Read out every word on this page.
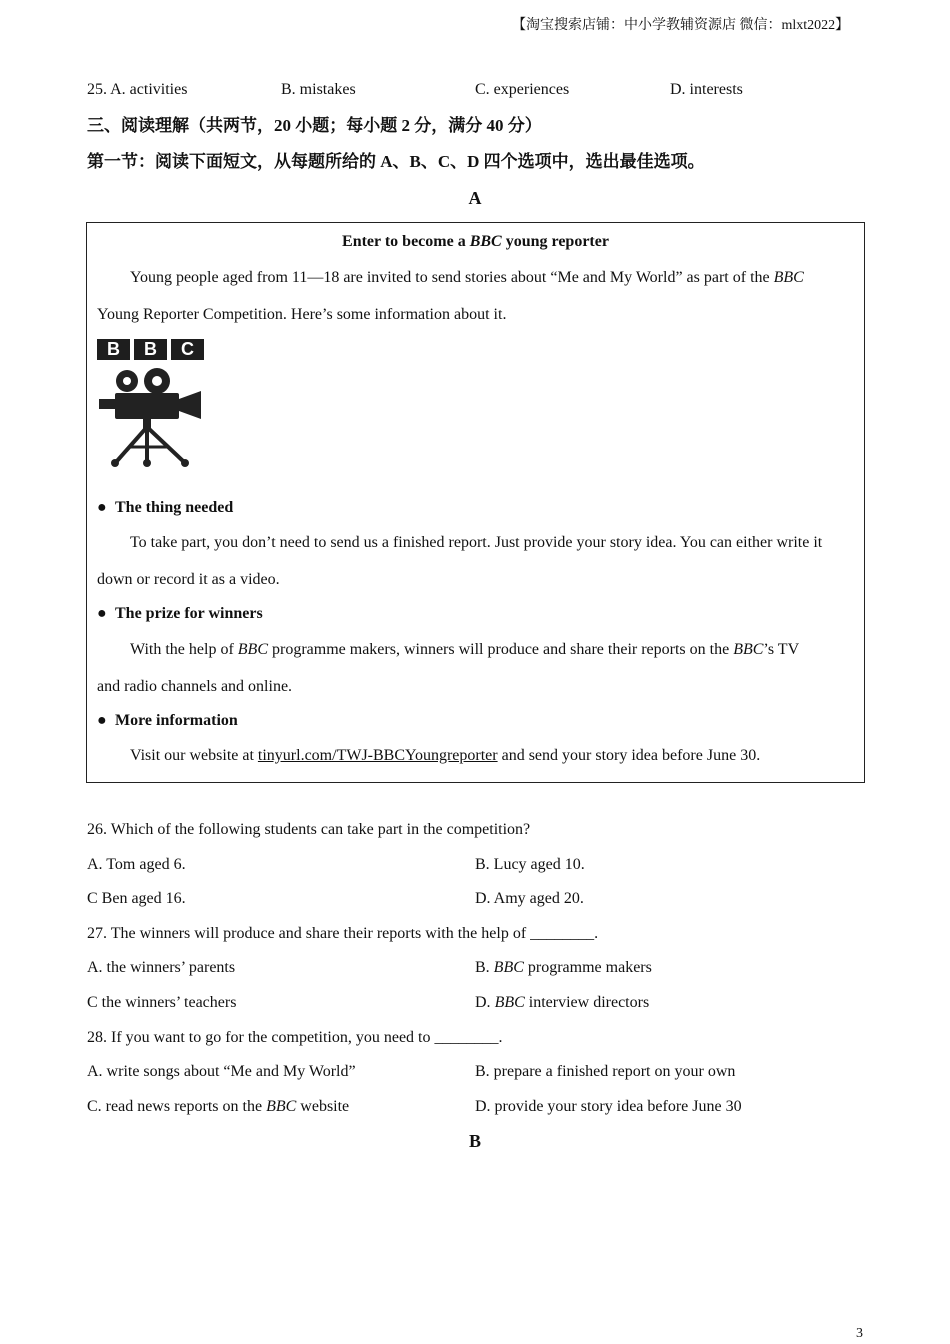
【淘宝搜索店铺：中小学教辅资源店 微信：mlxt2022】
25. A. activities	B. mistakes	C. experiences	D. interests
三、阅读理解（共两节，20 小题；每小题 2 分，满分 40 分）
第一节：阅读下面短文，从每题所给的 A、B、C、D 四个选项中，选出最佳选项。
A
Enter to become a BBC young reporter
Young people aged from 11—18 are invited to send stories about “Me and My World” as part of the BBC
Young Reporter Competition. Here’s some information about it.
B	B	C
● The thing needed
To take part, you don’t need to send us a finished report. Just provide your story idea. You can either write it
down or record it as a video.
● The prize for winners
With the help of BBC programme makers, winners will produce and share their reports on the BBC’s TV
and radio channels and online.
● More information
Visit our website at tinyurl.com/TWJ-BBCYoungreporter and send your story idea before June 30.
26. Which of the following students can take part in the competition?
A. Tom aged 6.	B. Lucy aged 10.
C Ben aged 16.	D. Amy aged 20.
27. The winners will produce and share their reports with the help of ________.
A. the winners’ parents	B. BBC programme makers
C the winners’ teachers	D. BBC interview directors
28. If you want to go for the competition, you need to ________.
A. write songs about “Me and My World”	B. prepare a finished report on your own
C. read news reports on the BBC website	D. provide your story idea before June 30
B
3
